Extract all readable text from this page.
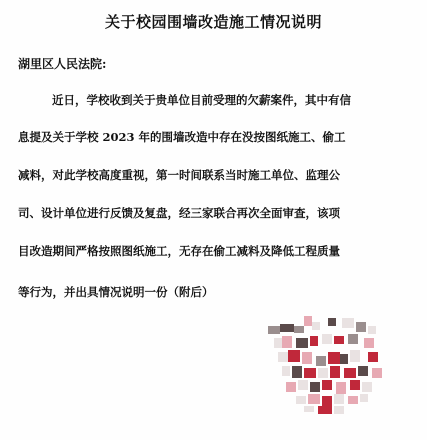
关于校园围墙改造施工情况说明
湖里区人民法院:
近日，学校收到关于贵单位目前受理的欠薪案件，其中有信
息提及关于学校 2023 年的围墙改造中存在没按图纸施工、偷工
减料，对此学校高度重视，第一时间联系当时施工单位、监理公
司、设计单位进行反馈及复盘，经三家联合再次全面审查，该项
目改造期间严格按照图纸施工，无存在偷工减料及降低工程质量
等行为，并出具情况说明一份（附后）
